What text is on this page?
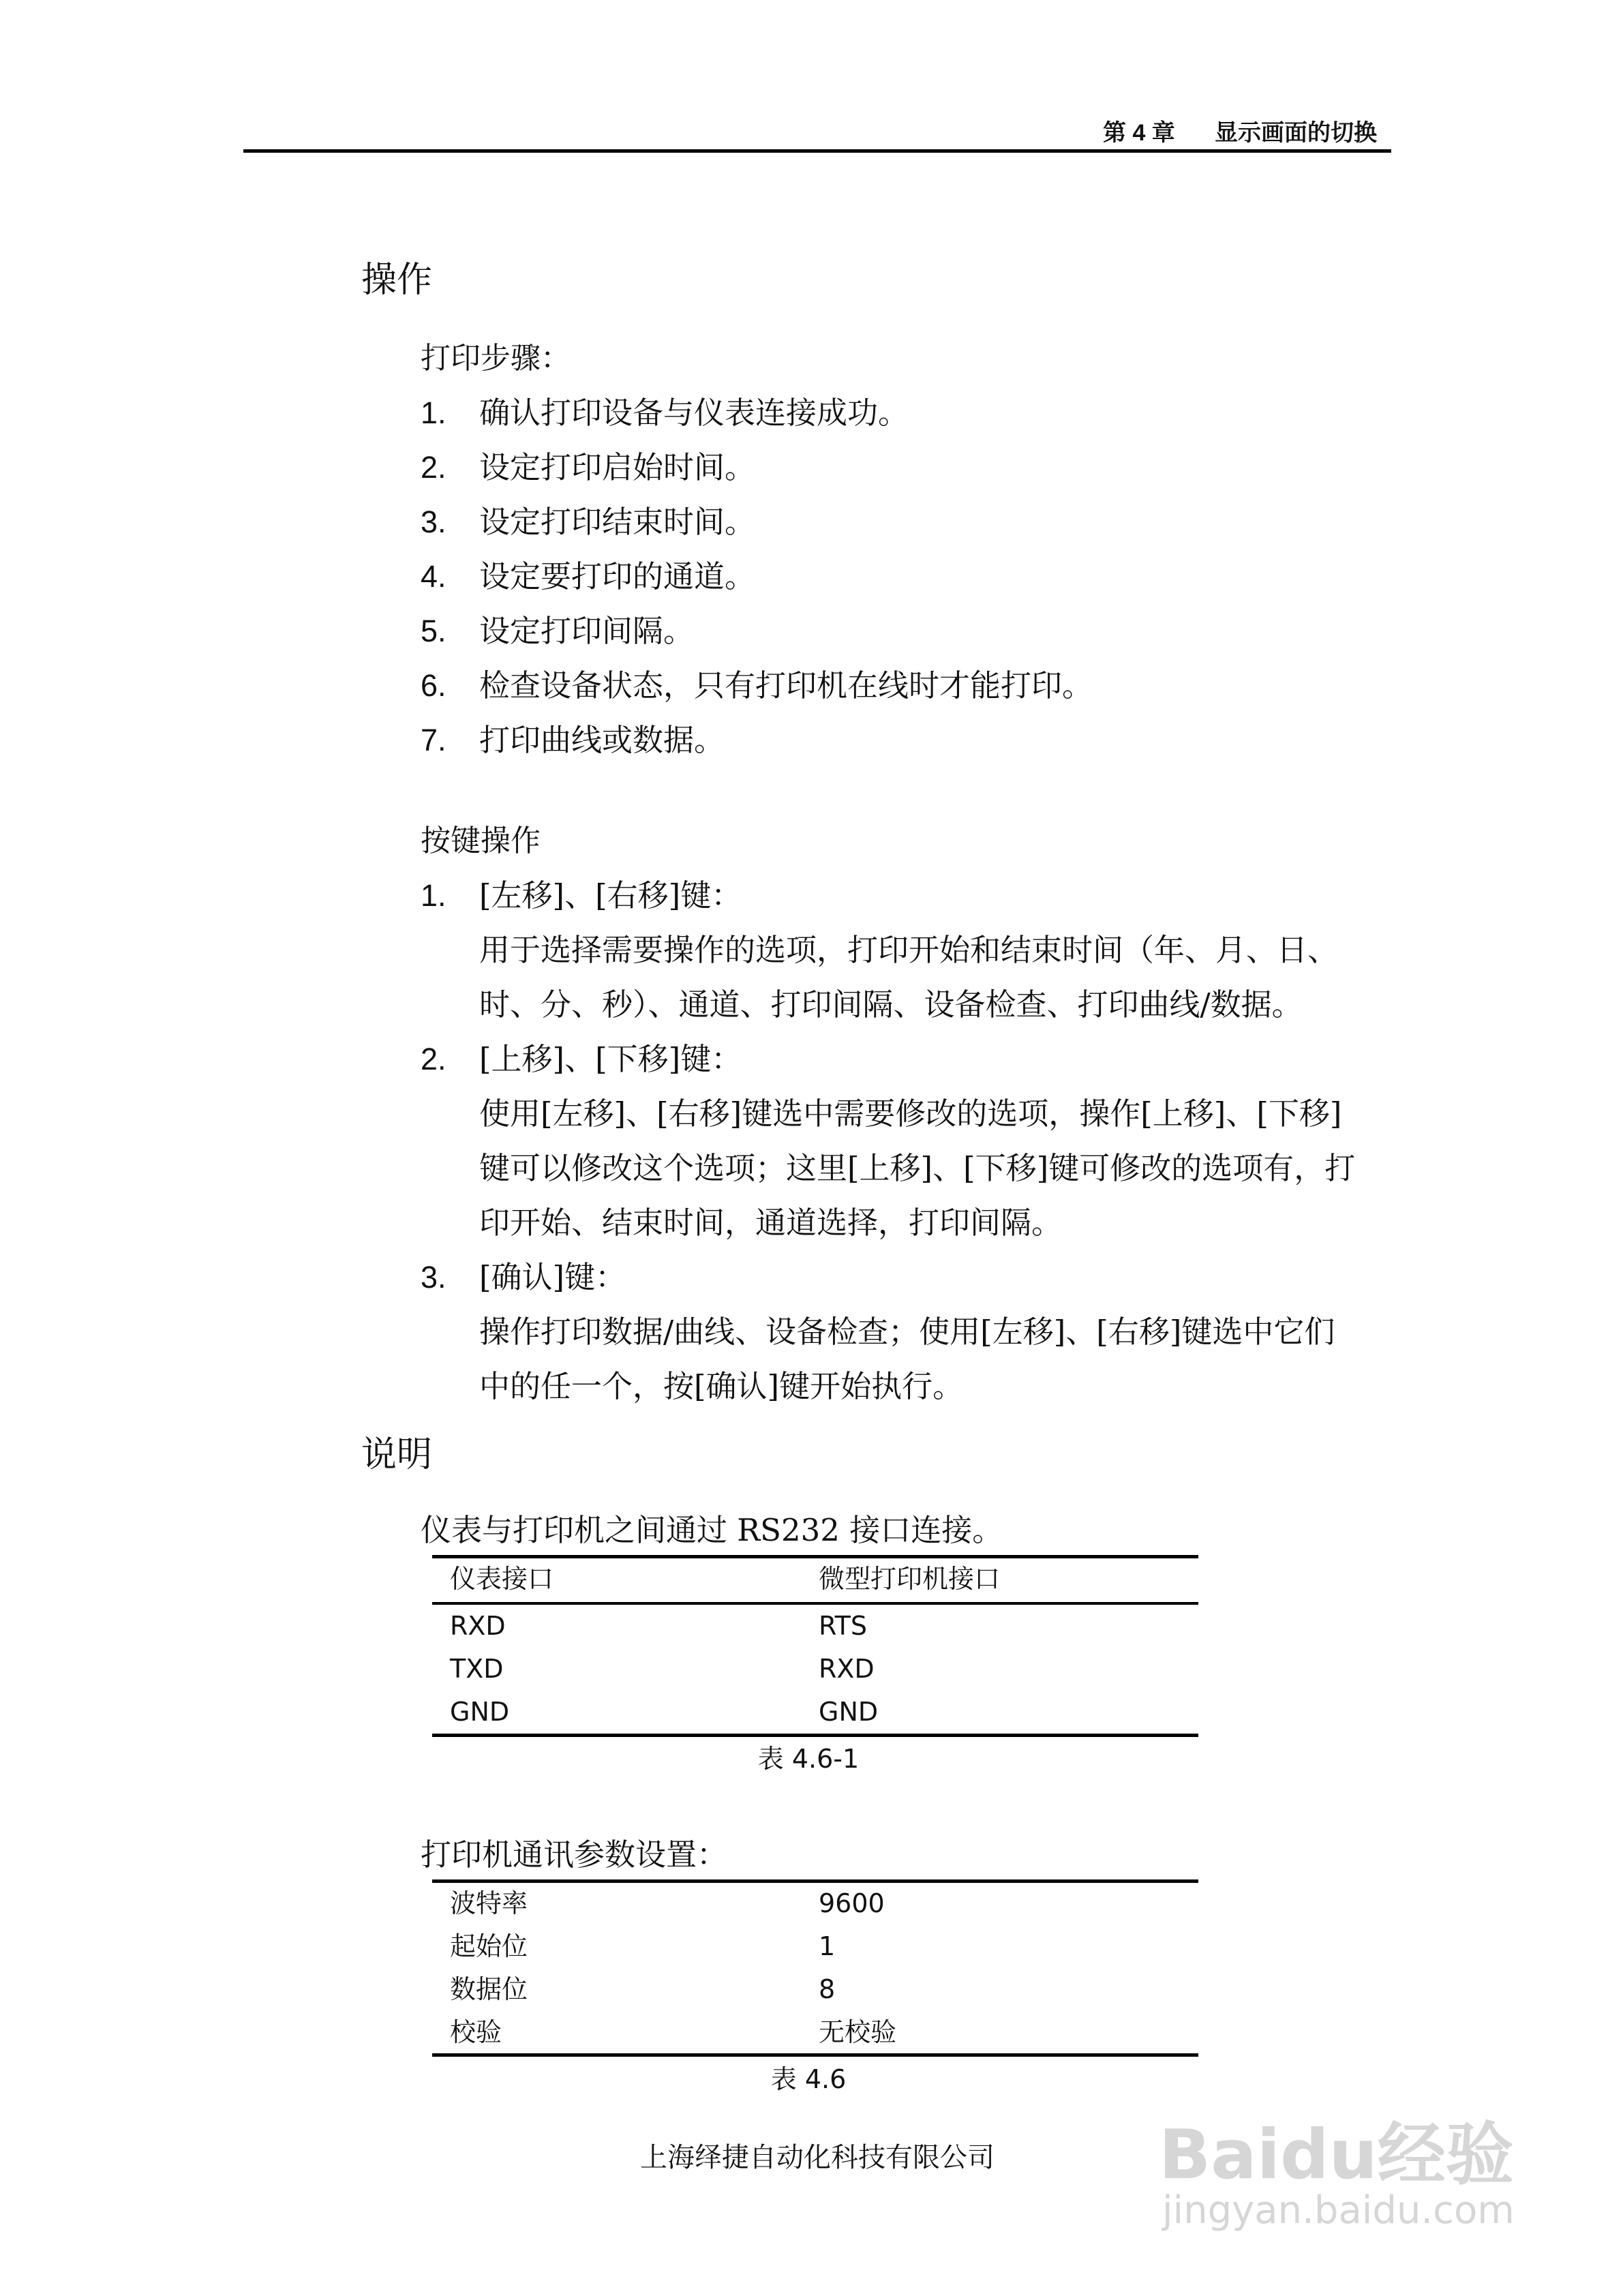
第 4 章 显示画面的切换
操作
打印步骤：
1. 确认打印设备与仪表连接成功。
2. 设定打印启始时间。
3. 设定打印结束时间。
4. 设定要打印的通道。
5. 设定打印间隔。
6. 检查设备状态，只有打印机在线时才能打印。
7. 打印曲线或数据。
按键操作
1. [左移]、[右移]键：
用于选择需要操作的选项，打印开始和结束时间（年、月、日、
时、分、秒）、通道、打印间隔、设备检查、打印曲线/数据。
2. [上移]、[下移]键：
使用[左移]、[右移]键选中需要修改的选项，操作[上移]、[下移]
键可以修改这个选项；这里[上移]、[下移]键可修改的选项有，打
印开始、结束时间，通道选择，打印间隔。
3. [确认]键：
操作打印数据/曲线、设备检查；使用[左移]、[右移]键选中它们
中的任一个，按[确认]键开始执行。
说明
仪表与打印机之间通过 RS232 接口连接。
仪表接口	微型打印机接口
RXD	RTS
TXD	RXD
GND	GND
表 4.6-1
打印机通讯参数设置：
波特率	9600
起始位	1
数据位	8
校验	无校验
表 4.6
上海绎捷自动化科技有限公司 Baidu经验
jingyan.baidu.com
